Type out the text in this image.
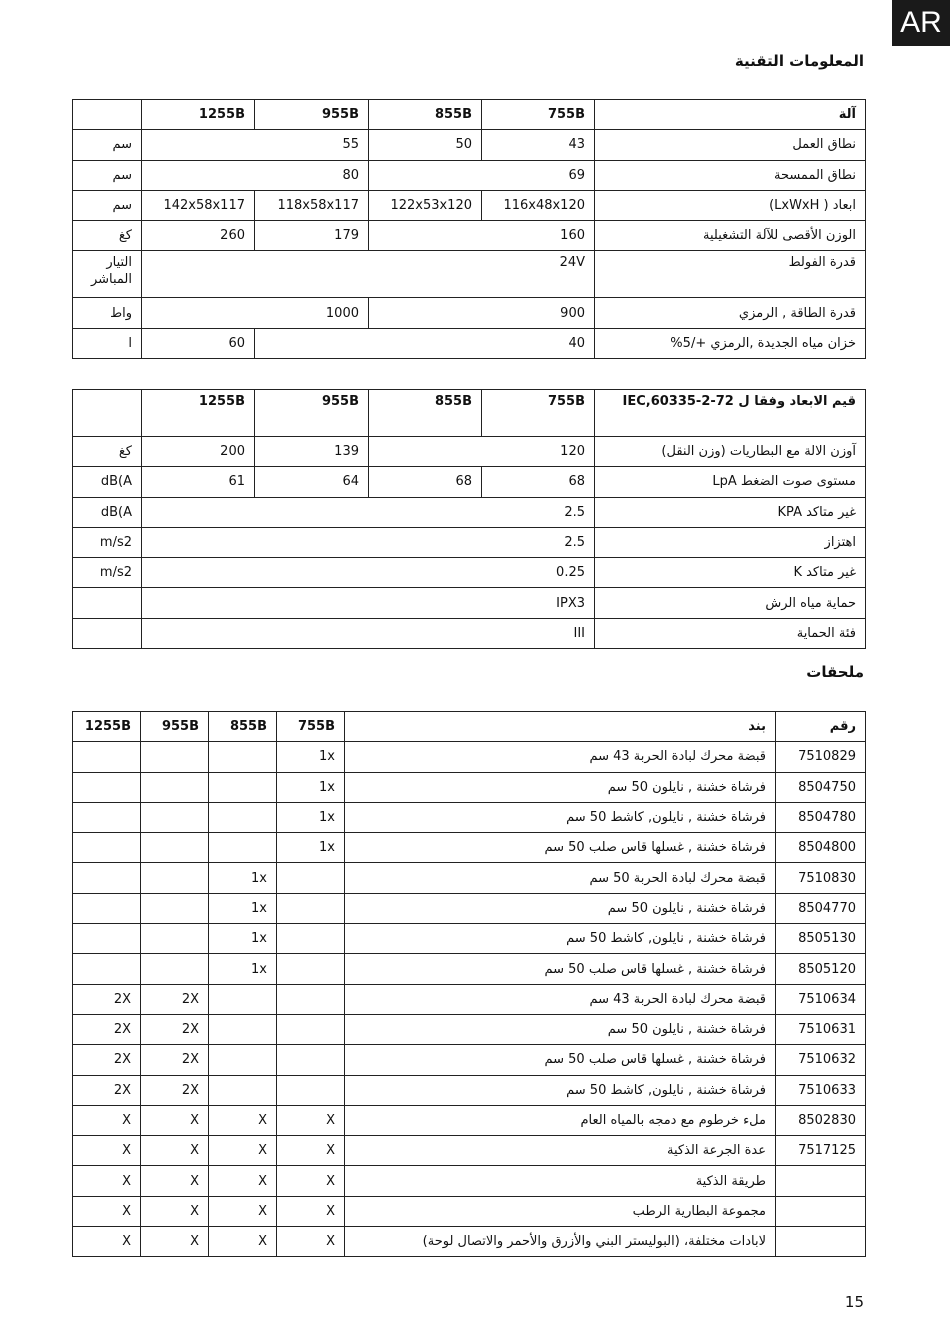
AR
المعلومات التقنية
آلة	755B	855B	955B	1255B	
نطاق العمل	43	50	55		سم
نطاق الممسحة	69		80		سم
ابعاد ( LxWxH)	116x48x120	122x53x120	118x58x117	142x58x117	سم
الوزن الأقصى للآلة التشغيلية	160		179	260	كغ
قدرة الفولط	24V				التيار المباشر
قدرة الطاقة , الرمزي	900		1000		واط
خزان مياه الجديدة ,الرمزي +/5%	40			60	l
قيم الابعاد وفقا ل IEC,60335-2-72	755B	855B	955B	1255B	
آوزن الالة مع البطاريات (وزن النقل)	120		139	200	كغ
مستوى صوت الضغط LpA	68	68	64	61	dB(A
غير متاكد KPA	2.5				dB(A
اهتزاز	2.5				m/s2
غير متاكد K	0.25				m/s2
حماية مياه الرش	IPX3				
فئة الحماية	III				
ملحقات
رقم	بند	755B	855B	955B	1255B
7510829	قبضة محرك لبادة الحربة 43 سم	1x			
8504750	فرشاة خشنة , نايلون 50 سم	1x			
8504780	فرشاة خشنة , نايلون, كاشط 50 سم	1x			
8504800	فرشاة خشنة , غسلها قاس صلب 50 سم	1x			
7510830	قبضة محرك لبادة الحربة 50 سم		1x		
8504770	فرشاة خشنة , نايلون 50 سم		1x		
8505130	فرشاة خشنة , نايلون, كاشط 50 سم		1x		
8505120	فرشاة خشنة , غسلها قاس صلب 50 سم		1x		
7510634	قبضة محرك لبادة الحربة 43 سم			2X	2X
7510631	فرشاة خشنة , نايلون 50 سم			2X	2X
7510632	فرشاة خشنة , غسلها قاس صلب 50 سم			2X	2X
7510633	فرشاة خشنة , نايلون, كاشط 50 سم			2X	2X
8502830	ملء خرطوم مع دمجه بالمياه العام	X	X	X	X
7517125	عدة الجرعة الذكية	X	X	X	X
	طريقة الذكية	X	X	X	X
	مجموعة البطارية الرطب	X	X	X	X
	لابادات مختلفة، (البوليستر البني والأزرق والأحمر والاتصال لوحة)	X	X	X	X
15
